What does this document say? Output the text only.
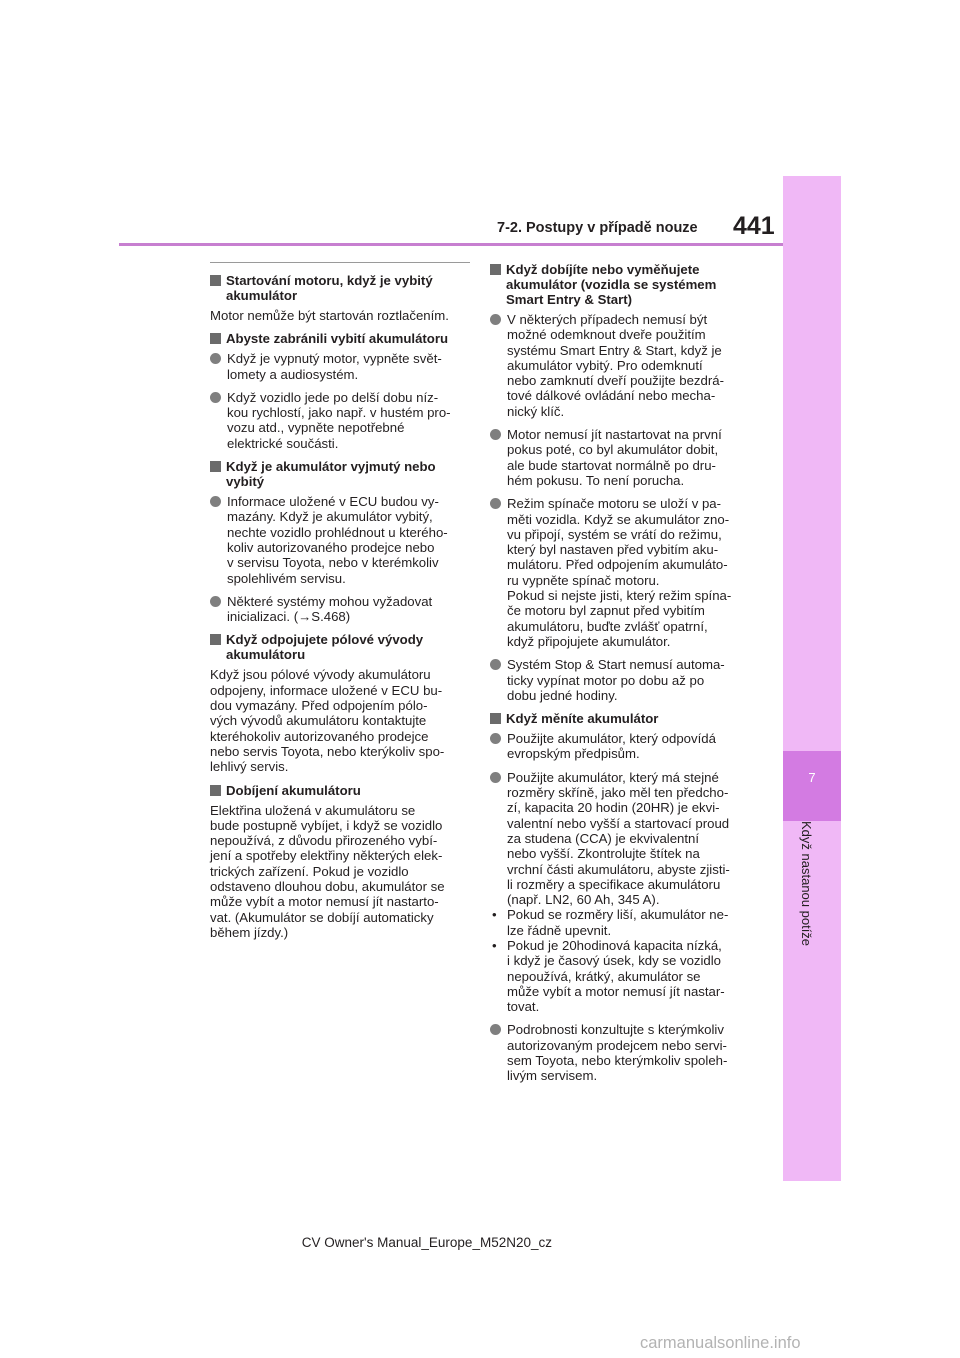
7
Když nastanou potíže
7-2. Postupy v případě nouze 441
Startování motoru, když je vybitý
akumulátor
Motor nemůže být startován roztlačením.
Abyste zabránili vybití akumulátoru
Když je vypnutý motor, vypněte svět-
lomety a audiosystém.
Když vozidlo jede po delší dobu níz-
kou rychlostí, jako např. v hustém pro-
vozu atd., vypněte nepotřebné
elektrické součásti.
Když je akumulátor vyjmutý nebo
vybitý
Informace uložené v ECU budou vy-
mazány. Když je akumulátor vybitý,
nechte vozidlo prohlédnout u kterého-
koliv autorizovaného prodejce nebo
v servisu Toyota, nebo v kterémkoliv
spolehlivém servisu.
Některé systémy mohou vyžadovat
inicializaci. (→S.468)
Když odpojujete pólové vývody
akumulátoru
Když jsou pólové vývody akumulátoru
odpojeny, informace uložené v ECU bu-
dou vymazány. Před odpojením pólo-
vých vývodů akumulátoru kontaktujte
kteréhokoliv autorizovaného prodejce
nebo servis Toyota, nebo kterýkoliv spo-
lehlivý servis.
Dobíjení akumulátoru
Elektřina uložená v akumulátoru se
bude postupně vybíjet, i když se vozidlo
nepoužívá, z důvodu přirozeného vybí-
jení a spotřeby elektřiny některých elek-
trických zařízení. Pokud je vozidlo
odstaveno dlouhou dobu, akumulátor se
může vybít a motor nemusí jít nastarto-
vat. (Akumulátor se dobíjí automaticky
během jízdy.)
Když dobíjíte nebo vyměňujete
akumulátor (vozidla se systémem
Smart Entry & Start)
V některých případech nemusí být
možné odemknout dveře použitím
systému Smart Entry & Start, když je
akumulátor vybitý. Pro odemknutí
nebo zamknutí dveří použijte bezdrá-
tové dálkové ovládání nebo mecha-
nický klíč.
Motor nemusí jít nastartovat na první
pokus poté, co byl akumulátor dobit,
ale bude startovat normálně po dru-
hém pokusu. To není porucha.
Režim spínače motoru se uloží v pa-
měti vozidla. Když se akumulátor zno-
vu připojí, systém se vrátí do režimu,
který byl nastaven před vybitím aku-
mulátoru. Před odpojením akumuláto-
ru vypněte spínač motoru.
Pokud si nejste jisti, který režim spína-
če motoru byl zapnut před vybitím
akumulátoru, buďte zvlášť opatrní,
když připojujete akumulátor.
Systém Stop & Start nemusí automa-
ticky vypínat motor po dobu až po
dobu jedné hodiny.
Když měníte akumulátor
Použijte akumulátor, který odpovídá
evropským předpisům.
Použijte akumulátor, který má stejné
rozměry skříně, jako měl ten předcho-
zí, kapacita 20 hodin (20HR) je ekvi-
valentní nebo vyšší a startovací proud
za studena (CCA) je ekvivalentní
nebo vyšší. Zkontrolujte štítek na
vrchní části akumulátoru, abyste zjisti-
li rozměry a specifikace akumulátoru
(např. LN2, 60 Ah, 345 A).
• Pokud se rozměry liší, akumulátor ne-
lze řádně upevnit.
• Pokud je 20hodinová kapacita nízká,
i když je časový úsek, kdy se vozidlo
nepoužívá, krátký, akumulátor se
může vybít a motor nemusí jít nastar-
tovat.
Podrobnosti konzultujte s kterýmkoliv
autorizovaným prodejcem nebo servi-
sem Toyota, nebo kterýmkoliv spoleh-
livým servisem.
CV Owner's Manual_Europe_M52N20_cz
carmanualsonline.info
